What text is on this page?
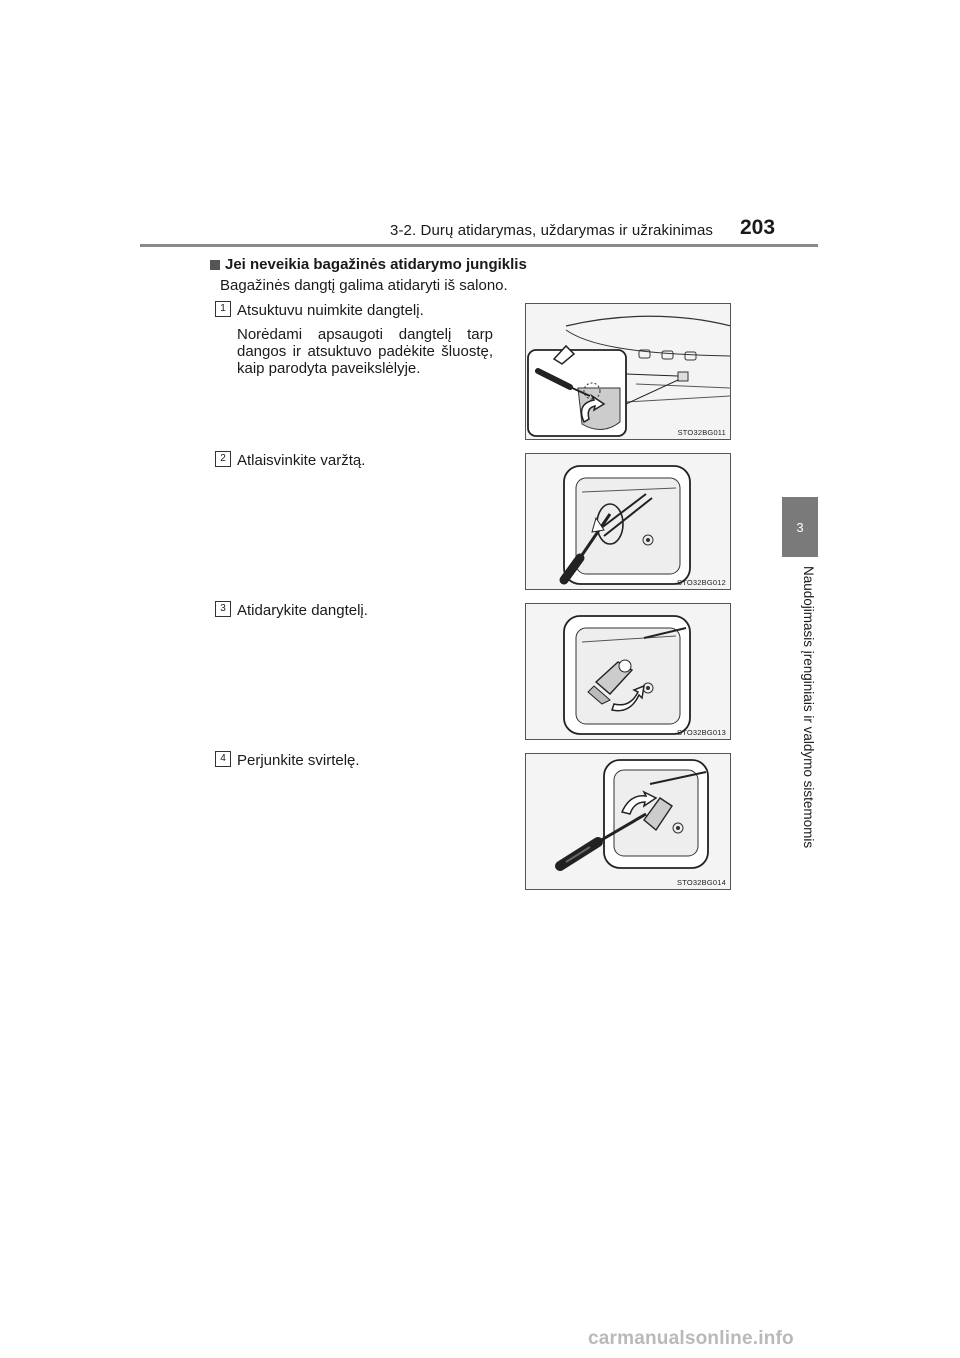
3-2. Durų atidarymas, uždarymas ir užrakinimas 203
3
Naudojimasis įrenginiais ir valdymo sistemomis
Jei neveikia bagažinės atidarymo jungiklis
Bagažinės dangtį galima atidaryti iš salono.
1 Atsuktuvu nuimkite dangtelį.
Norėdami apsaugoti dangtelį tarp dangos ir atsuktuvo padėkite šluostę, kaip parodyta paveikslėlyje.
STO32BG011
2 Atlaisvinkite varžtą.
STO32BG012
3 Atidarykite dangtelį.
STO32BG013
4 Perjunkite svirtelę.
STO32BG014
carmanualsonline.info
